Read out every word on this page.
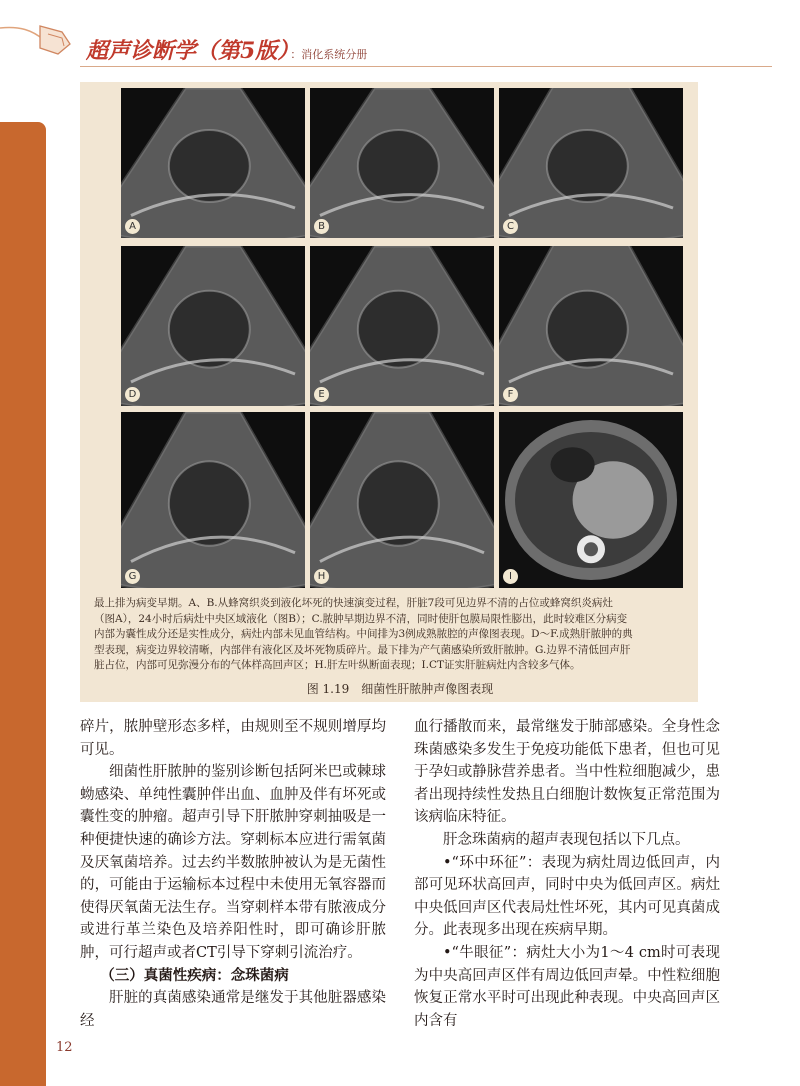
超声诊断学（第5版） ：消化系统分册
A	B	C
D	E	F
G	H	I
最上排为病变早期。A、B.从蜂窝织炎到液化坏死的快速演变过程，肝脏7段可见边界不清的占位或蜂窝织炎病灶
（图A），24小时后病灶中央区域液化（图B）；C.脓肿早期边界不清，同时使肝包膜局限性膨出，此时较难区分病变
内部为囊性成分还是实性成分，病灶内部未见血管结构。中间排为3例成熟脓腔的声像图表现。D～F.成熟肝脓肿的典
型表现，病变边界较清晰，内部伴有液化区及坏死物质碎片。最下排为产气菌感染所致肝脓肿。G.边界不清低回声肝
脏占位，内部可见弥漫分布的气体样高回声区；H.肝左叶纵断面表现；I.CT证实肝脏病灶内含较多气体。
图 1.19　细菌性肝脓肿声像图表现

碎片，脓肿壁形态多样，由规则至不规则增厚均可见。

细菌性肝脓肿的鉴别诊断包括阿米巴或棘球蚴感染、单纯性囊肿伴出血、血肿及伴有坏死或囊性变的肿瘤。超声引导下肝脓肿穿刺抽吸是一种便捷快速的确诊方法。穿刺标本应进行需氧菌及厌氧菌培养。过去约半数脓肿被认为是无菌性的，可能由于运输标本过程中未使用无氧容器而使得厌氧菌无法生存。当穿刺样本带有脓液成分或进行革兰染色及培养阳性时，即可确诊肝脓肿，可行超声或者CT引导下穿刺引流治疗。

（三）真菌性疾病：念珠菌病

肝脏的真菌感染通常是继发于其他脏器感染经

血行播散而来，最常继发于肺部感染。全身性念珠菌感染多发生于免疫功能低下患者，但也可见于孕妇或静脉营养患者。当中性粒细胞减少，患者出现持续性发热且白细胞计数恢复正常范围为该病临床特征。

肝念珠菌病的超声表现包括以下几点。

•“环中环征”：表现为病灶周边低回声，内部可见环状高回声，同时中央为低回声区。病灶中央低回声区代表局灶性坏死，其内可见真菌成分。此表现多出现在疾病早期。

•“牛眼征”：病灶大小为1～4 cm时可表现为中央高回声区伴有周边低回声晕。中性粒细胞恢复正常水平时可出现此种表现。中央高回声区内含有

12
